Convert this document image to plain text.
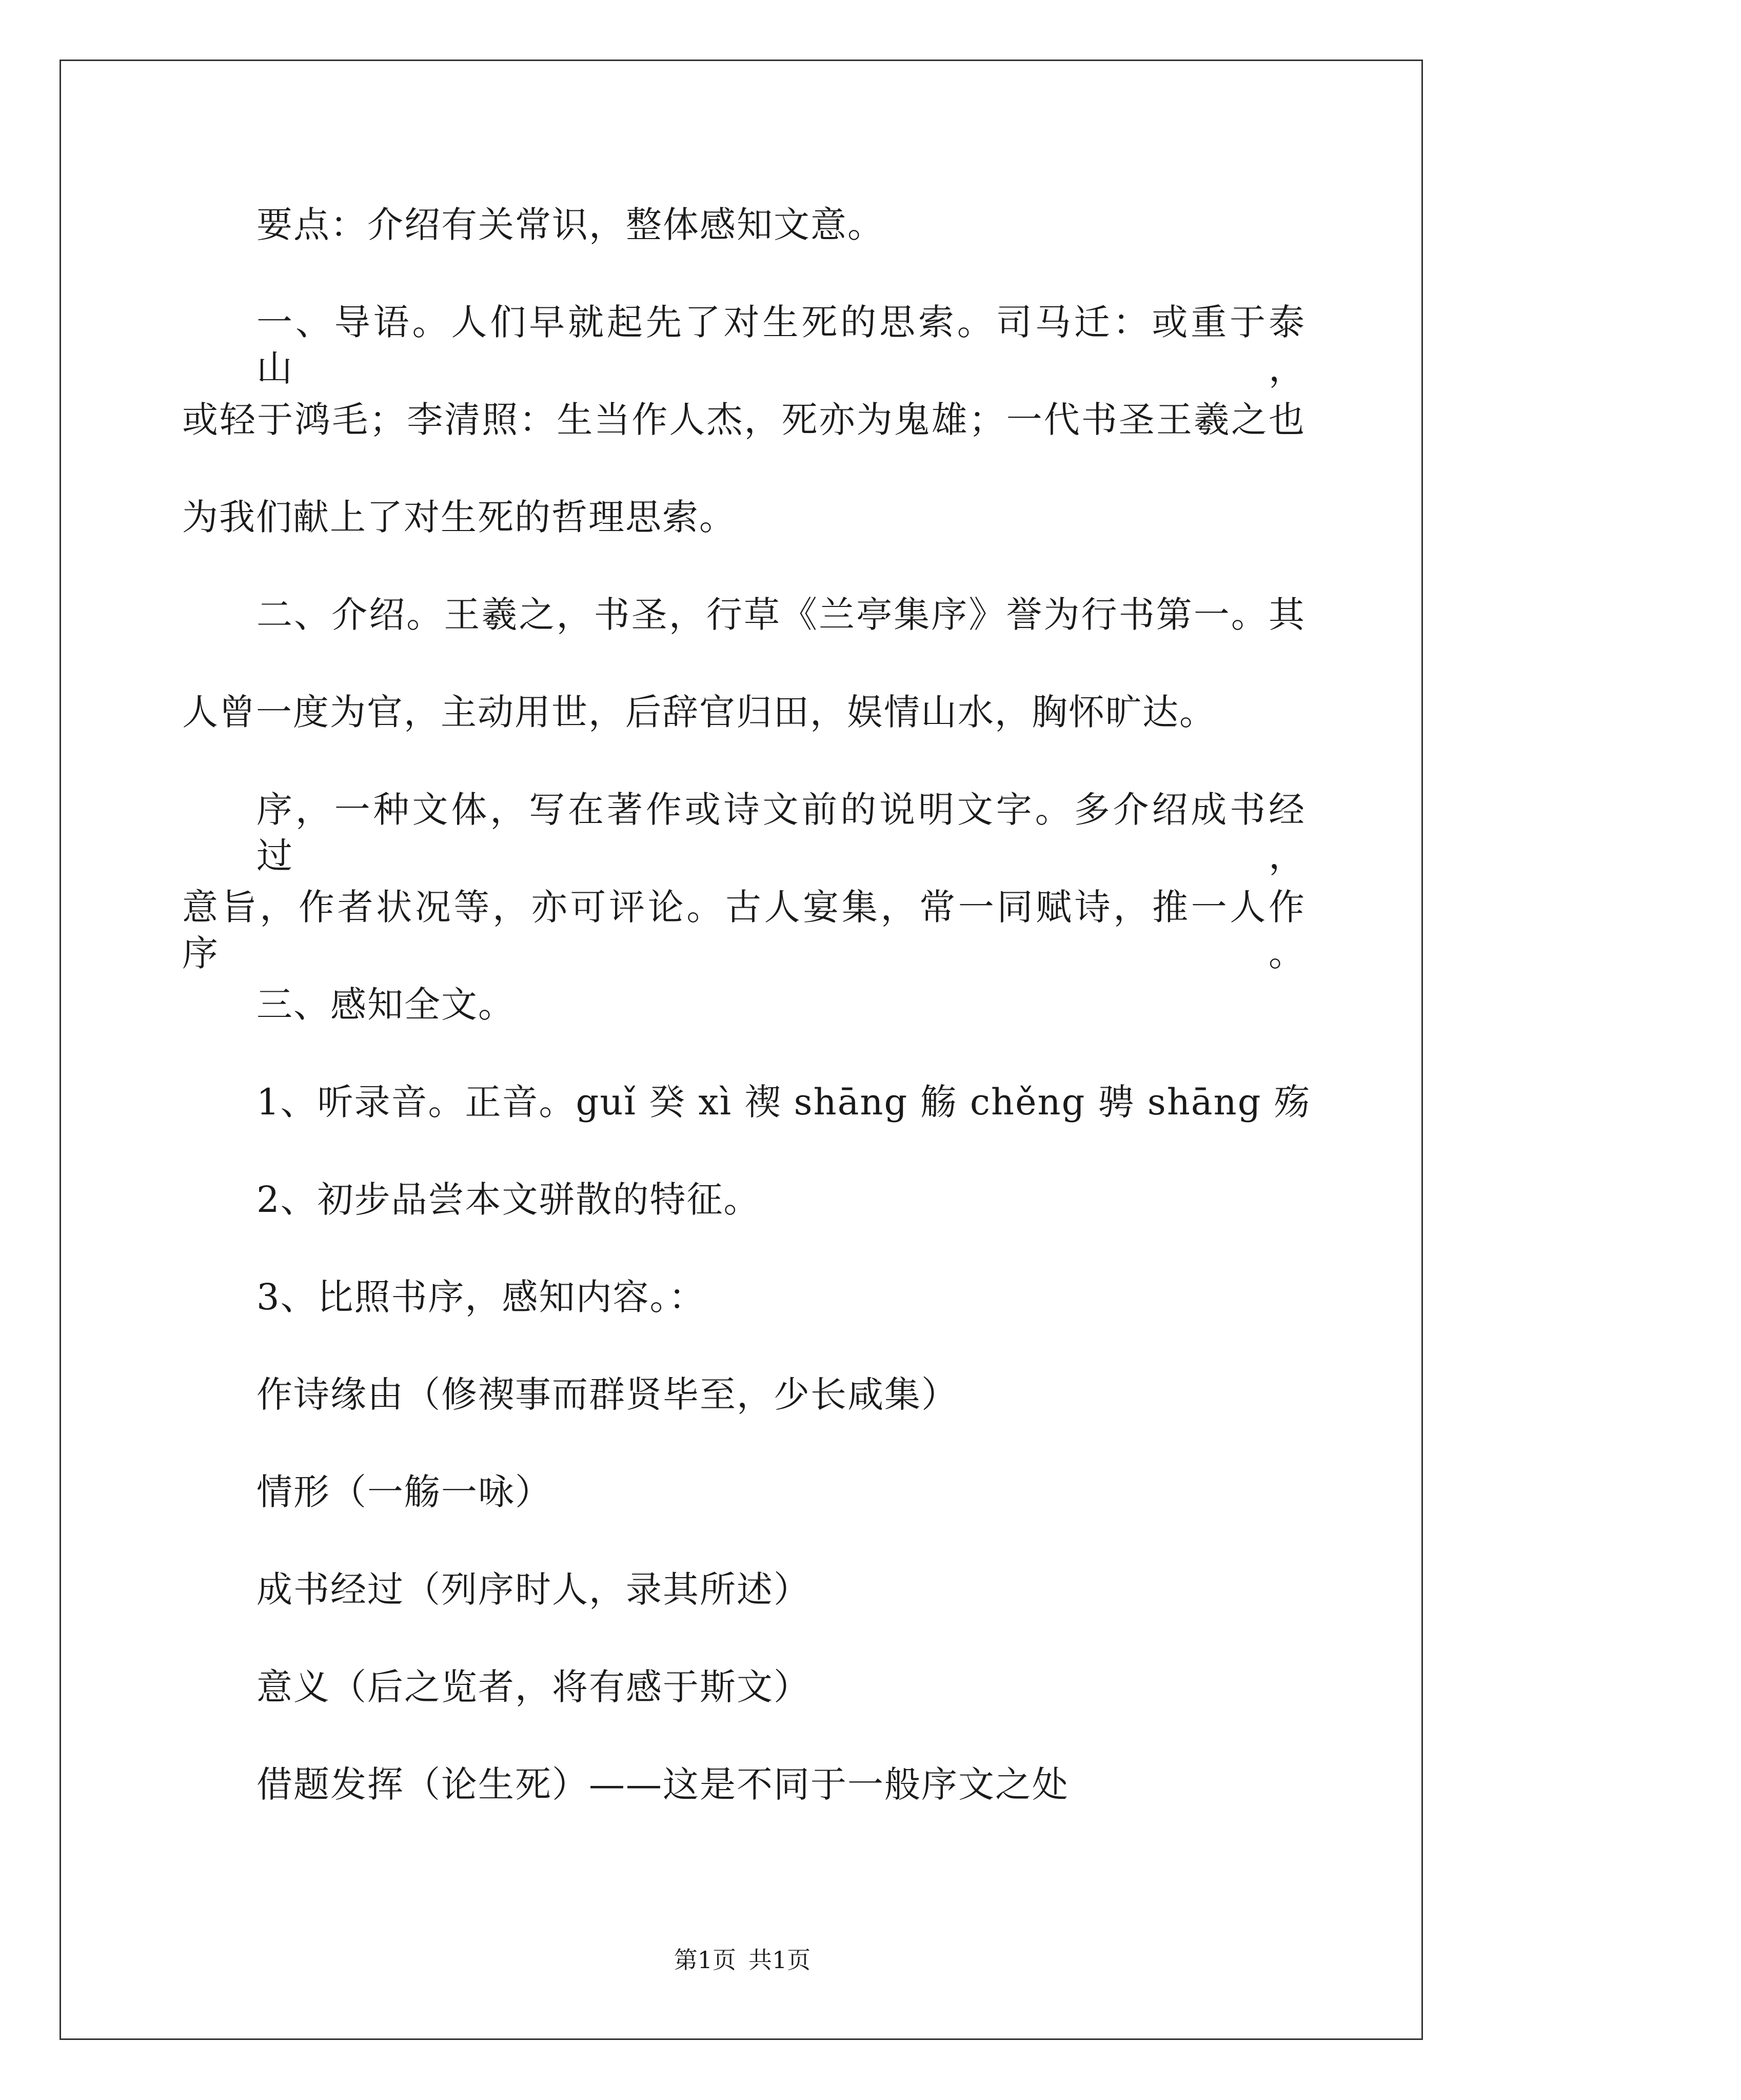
要点：介绍有关常识，整体感知文意。
一、导语。人们早就起先了对生死的思索。司马迁：或重于泰山，
或轻于鸿毛；李清照：生当作人杰，死亦为鬼雄；一代书圣王羲之也
为我们献上了对生死的哲理思索。
二、介绍。王羲之，书圣，行草《兰亭集序》誉为行书第一。其
人曾一度为官，主动用世，后辞官归田，娱情山水，胸怀旷达。
序，一种文体，写在著作或诗文前的说明文字。多介绍成书经过，
意旨，作者状况等，亦可评论。古人宴集，常一同赋诗，推一人作序。
三、感知全文。
1、听录音。正音。guǐ 癸 xì 禊 shāng 觞 chěng 骋 shāng 殇
2、初步品尝本文骈散的特征。
3、比照书序，感知内容。：
作诗缘由（修禊事而群贤毕至，少长咸集）
情形（一觞一咏）
成书经过（列序时人，录其所述）
意义（后之览者，将有感于斯文）
借题发挥（论生死）——这是不同于一般序文之处
第1页 共1页
